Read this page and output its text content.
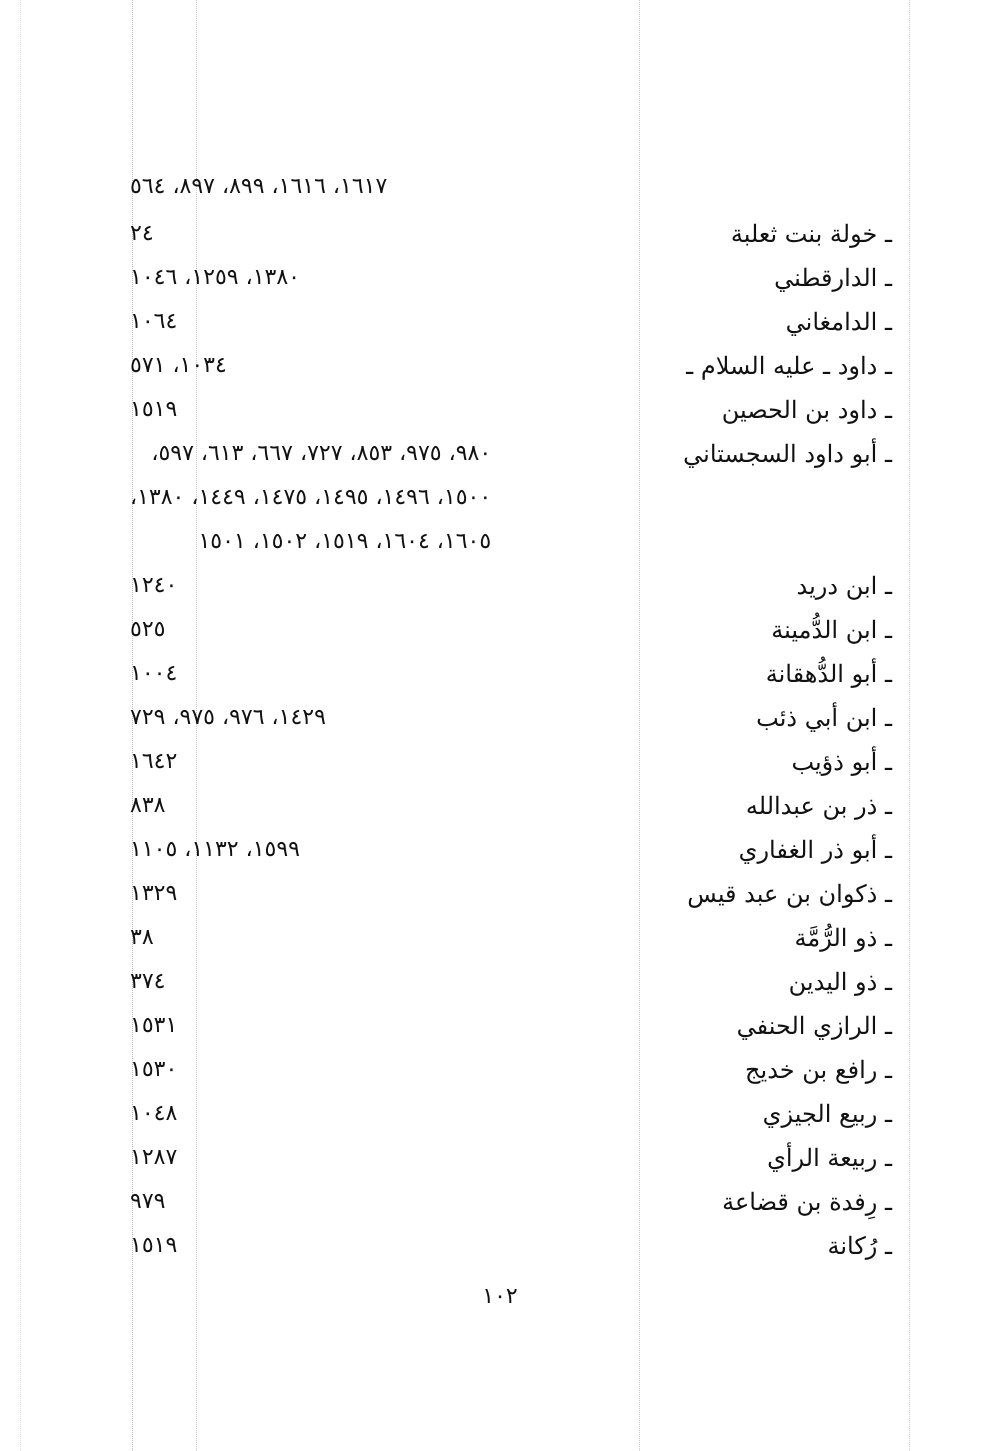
١٦١٧، ١٦١٦، ٨٩٩، ٨٩٧، ٥٦٤
ـ خولة بنت ثعلبة
٢٤
ـ الدارقطني
١٣٨٠، ١٢٥٩، ١٠٤٦
ـ الدامغاني
١٠٦٤
ـ داود ـ عليه السلام ـ
١٠٣٤، ٥٧١
ـ داود بن الحصين
١٥١٩
ـ أبو داود السجستاني
٩٨٠، ٩٧٥، ٨٥٣، ٧٢٧، ٦٦٧، ٦١٣، ٥٩٧،
١٥٠٠، ١٤٩٦، ١٤٩٥، ١٤٧٥، ١٤٤٩، ١٣٨٠،
١٦٠٥، ١٦٠٤، ١٥١٩، ١٥٠٢، ١٥٠١
ـ ابن دريد
١٢٤٠
ـ ابن الدُّمينة
٥٢٥
ـ أبو الدُّهقانة
١٠٠٤
ـ ابن أبي ذئب
١٤٢٩، ٩٧٦، ٩٧٥، ٧٢٩
ـ أبو ذؤيب
١٦٤٢
ـ ذر بن عبدالله
٨٣٨
ـ أبو ذر الغفاري
١٥٩٩، ١١٣٢، ١١٠٥
ـ ذكوان بن عبد قيس
١٣٢٩
ـ ذو الرُّمَّة
٣٨
ـ ذو اليدين
٣٧٤
ـ الرازي الحنفي
١٥٣١
ـ رافع بن خديج
١٥٣٠
ـ ربيع الجيزي
١٠٤٨
ـ ربيعة الرأي
١٢٨٧
ـ رِفدة بن قضاعة
٩٧٩
ـ رُكانة
١٥١٩
١٠٢
